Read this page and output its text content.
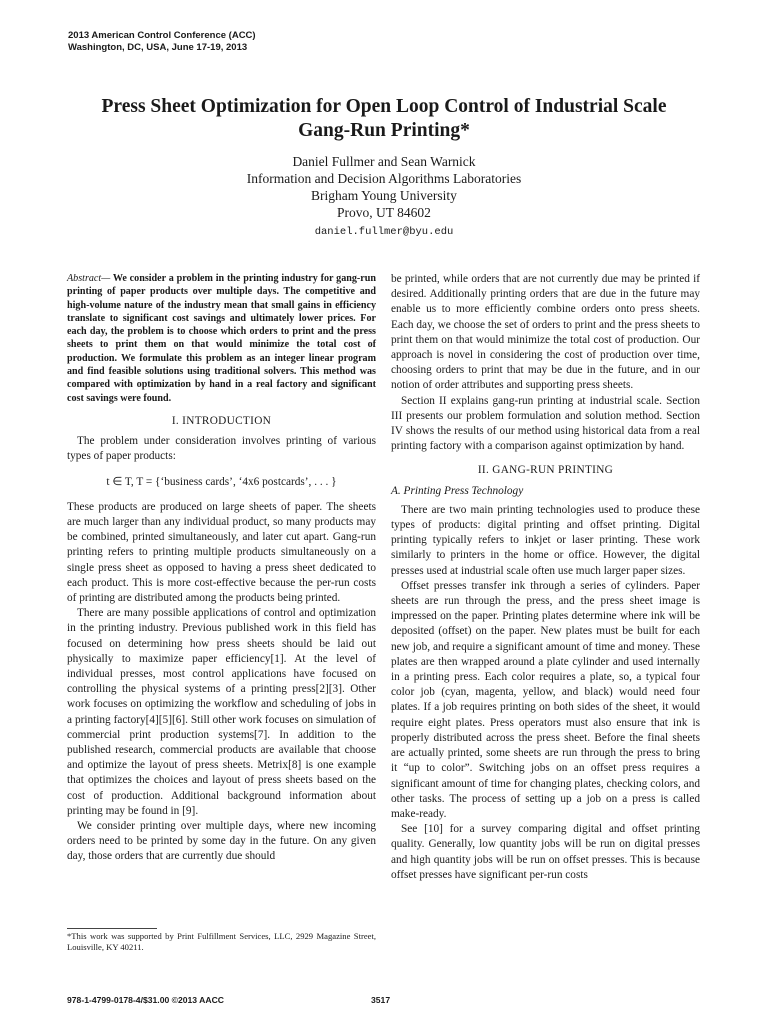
2013 American Control Conference (ACC)
Washington, DC, USA, June 17-19, 2013
Press Sheet Optimization for Open Loop Control of Industrial Scale
Gang-Run Printing*
Daniel Fullmer and Sean Warnick
Information and Decision Algorithms Laboratories
Brigham Young University
Provo, UT 84602
daniel.fullmer@byu.edu

Abstract— We consider a problem in the printing industry for gang-run printing of paper products over multiple days. The competitive and high-volume nature of the industry mean that small gains in efficiency translate to significant cost savings and ultimately lower prices. For each day, the problem is to choose which orders to print and the press sheets to print them on that would minimize the total cost of production. We formulate this problem as an integer linear program and find feasible solutions using traditional solvers. This method was compared with optimization by hand in a real factory and significant cost savings were found.

I. INTRODUCTION

The problem under consideration involves printing of various types of paper products:

t ∈ T, T = {‘business cards’, ‘4x6 postcards’, . . . }

These products are produced on large sheets of paper. The sheets are much larger than any individual product, so many products may be combined, printed simultaneously, and later cut apart. Gang-run printing refers to printing multiple products simultaneously on a single press sheet as opposed to having a press sheet dedicated to each product. This is more cost-effective because the per-run costs of printing are distributed among the products being printed.

There are many possible applications of control and optimization in the printing industry. Previous published work in this field has focused on determining how press sheets should be laid out physically to maximize paper efficiency[1]. At the level of individual presses, most control applications have focused on controlling the physical systems of a printing press[2][3]. Other work focuses on optimizing the workflow and scheduling of jobs in a printing factory[4][5][6]. Still other work focuses on simulation of commercial print production systems[7]. In addition to the published research, commercial products are available that choose and optimize the layout of press sheets. Metrix[8] is one example that optimizes the choices and layout of press sheets based on the cost of production. Additional background information about printing may be found in [9].

We consider printing over multiple days, where new incoming orders need to be printed by some day in the future. On any given day, those orders that are currently due should

*This work was supported by Print Fulfillment Services, LLC, 2929 Magazine Street, Louisville, KY 40211.

be printed, while orders that are not currently due may be printed if desired. Additionally printing orders that are due in the future may enable us to more efficiently combine orders onto press sheets. Each day, we choose the set of orders to print and the press sheets to print them on that would minimize the total cost of production. Our approach is novel in considering the cost of production over time, choosing orders to print that may be due in the future, and in our notion of order attributes and supporting press sheets.

Section II explains gang-run printing at industrial scale. Section III presents our problem formulation and solution method. Section IV shows the results of our method using historical data from a real printing factory with a comparison against optimization by hand.

II. GANG-RUN PRINTING
A. Printing Press Technology

There are two main printing technologies used to produce these types of products: digital printing and offset printing. Digital printing typically refers to inkjet or laser printing. These work similarly to printers in the home or office. However, the digital presses used at industrial scale often use much larger paper sizes.

Offset presses transfer ink through a series of cylinders. Paper sheets are run through the press, and the press sheet image is impressed on the paper. Printing plates determine where ink will be deposited (offset) on the paper. New plates must be built for each new job, and require a significant amount of time and money. These plates are then wrapped around a plate cylinder and used internally in a printing press. Each color requires a plate, so, a typical four color job (cyan, magenta, yellow, and black) would need four plates. If a job requires printing on both sides of the sheet, it would require eight plates. Press operators must also ensure that ink is properly distributed across the press sheet. Before the final sheets are actually printed, some sheets are run through the press to bring it “up to color”. Switching jobs on an offset press requires a significant amount of time for changing plates, checking colors, and other tasks. The process of setting up a job on a press is called make-ready.

See [10] for a survey comparing digital and offset printing quality. Generally, low quantity jobs will be run on digital presses and high quantity jobs will be run on offset presses. This is because offset presses have significant per-run costs

978-1-4799-0178-4/$31.00 ©2013 AACC	3517
